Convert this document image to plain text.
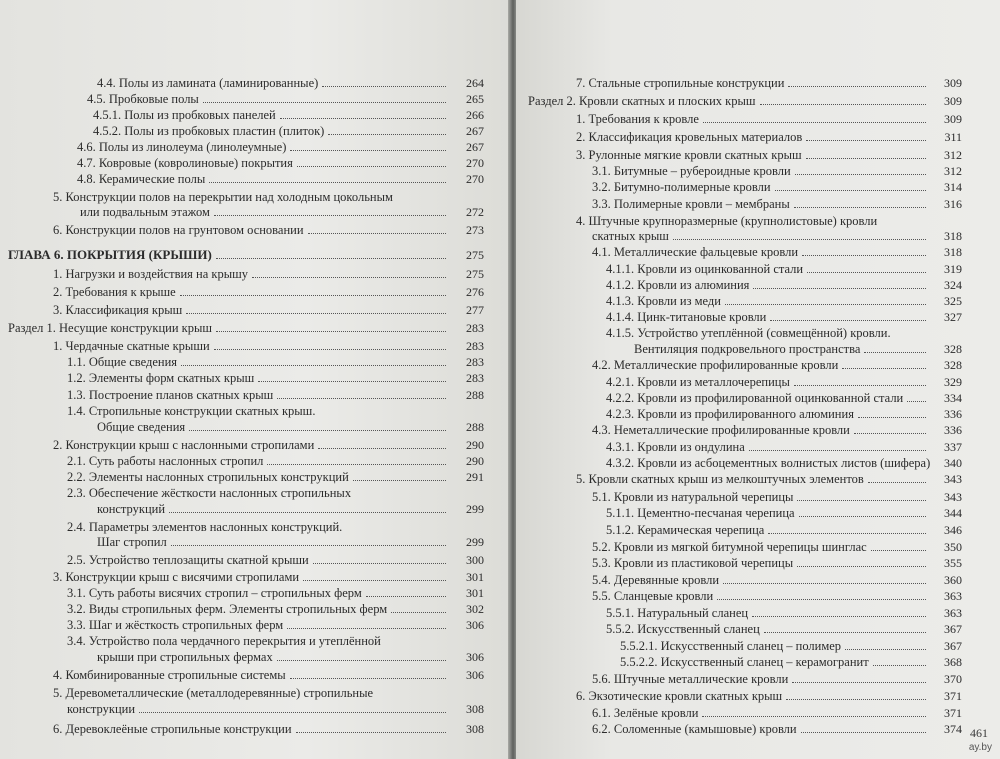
4.4. Полы из ламината (ламинированные)	264
4.5. Пробковые полы	265
4.5.1. Полы из пробковых панелей	266
4.5.2. Полы из пробковых пластин (плиток)	267
4.6. Полы из линолеума (линолеумные)	267
4.7. Ковровые (ковролиновые) покрытия	270
4.8. Керамические полы	270
5. Конструкции полов на перекрытии над холодным цокольным
или подвальным этажом	272
6. Конструкции полов на грунтовом основании	273
ГЛАВА 6. ПОКРЫТИЯ (КРЫШИ)	275
1. Нагрузки и воздействия на крышу	275
2. Требования к крыше	276
3. Классификация крыш	277
Раздел 1. Несущие конструкции крыш	283
1. Чердачные скатные крыши	283
1.1. Общие сведения	283
1.2. Элементы форм скатных крыш	283
1.3. Построение планов скатных крыш	288
1.4. Стропильные конструкции скатных крыш.
Общие сведения	288
2. Конструкции крыш с наслонными стропилами	290
2.1. Суть работы наслонных стропил	290
2.2. Элементы наслонных стропильных конструкций	291
2.3. Обеспечение жёсткости наслонных стропильных
конструкций	299
2.4. Параметры элементов наслонных конструкций.
Шаг стропил	299
2.5. Устройство теплозащиты скатной крыши	300
3. Конструкции крыш с висячими стропилами	301
3.1. Суть работы висячих стропил – стропильных ферм	301
3.2. Виды стропильных ферм. Элементы стропильных ферм	302
3.3. Шаг и жёсткость стропильных ферм	306
3.4. Устройство пола чердачного перекрытия и утеплённой
крыши при стропильных фермах	306
4. Комбинированные стропильные системы	306
5. Деревометаллические (металлодеревянные) стропильные
конструкции	308
6. Деревоклеёные стропильные конструкции	308
7. Стальные стропильные конструкции	309
Раздел 2. Кровли скатных и плоских крыш	309
1. Требования к кровле	309
2. Классификация кровельных материалов	311
3. Рулонные мягкие кровли скатных крыш	312
3.1. Битумные – рубероидные кровли	312
3.2. Битумно-полимерные кровли	314
3.3. Полимерные кровли – мембраны	316
4. Штучные крупноразмерные (крупнолистовые) кровли
скатных крыш	318
4.1. Металлические фальцевые кровли	318
4.1.1. Кровли из оцинкованной стали	319
4.1.2. Кровли из алюминия	324
4.1.3. Кровли из меди	325
4.1.4. Цинк-титановые кровли	327
4.1.5. Устройство утеплённой (совмещённой) кровли.
Вентиляция подкровельного пространства	328
4.2. Металлические профилированные кровли	328
4.2.1. Кровли из металлочерепицы	329
4.2.2. Кровли из профилированной оцинкованной стали	334
4.2.3. Кровли из профилированного алюминия	336
4.3. Неметаллические профилированные кровли	336
4.3.1. Кровли из ондулина	337
4.3.2. Кровли из асбоцементных волнистых листов (шифера)	340
5. Кровли скатных крыш из мелкоштучных элементов	343
5.1. Кровли из натуральной черепицы	343
5.1.1. Цементно-песчаная черепица	344
5.1.2. Керамическая черепица	346
5.2. Кровли из мягкой битумной черепицы шинглас	350
5.3. Кровли из пластиковой черепицы	355
5.4. Деревянные кровли	360
5.5. Сланцевые кровли	363
5.5.1. Натуральный сланец	363
5.5.2. Искусственный сланец	367
5.5.2.1. Искусственный сланец – полимер	367
5.5.2.2. Искусственный сланец – керамогранит	368
5.6. Штучные металлические кровли	370
6. Экзотические кровли скатных крыш	371
6.1. Зелёные кровли	371
6.2. Соломенные (камышовые) кровли	374 461
ay.by
